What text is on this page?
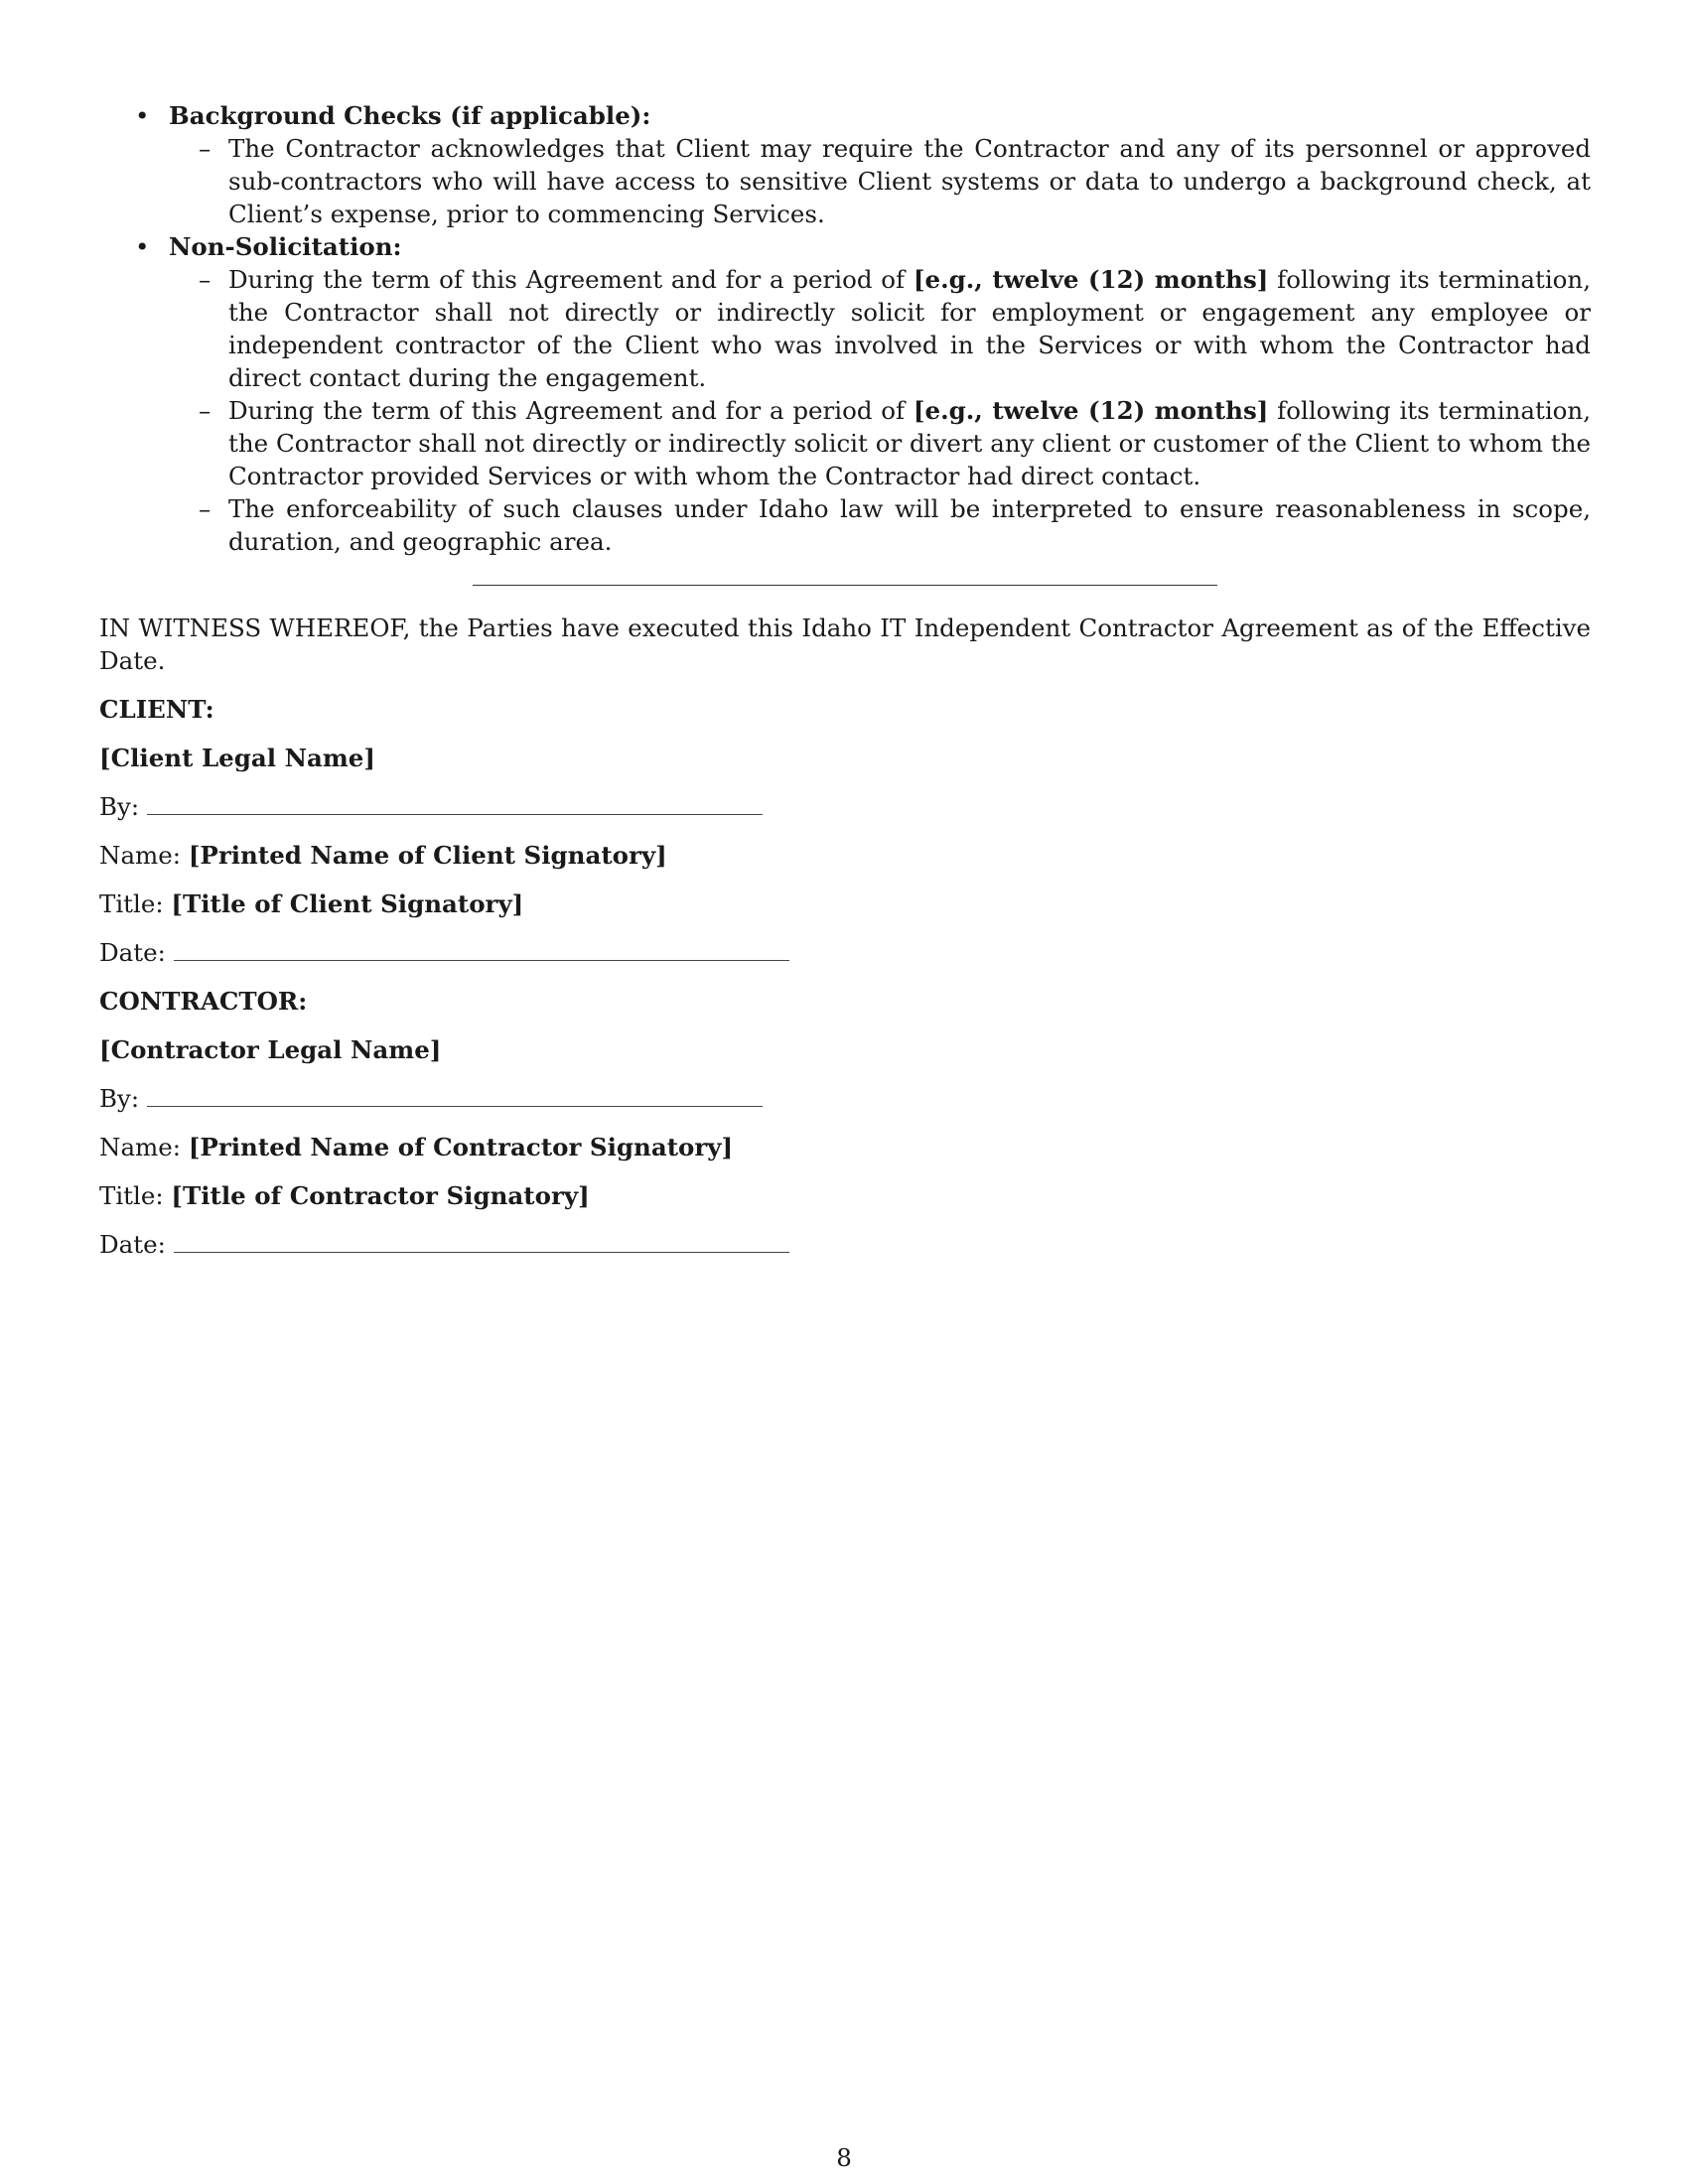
• Background Checks (if applicable):
– The Contractor acknowledges that Client may require the Contractor and any of its personnel or approved sub-contractors who will have access to sensitive Client systems or data to undergo a background check, at Client’s expense, prior to commencing Services.
• Non-Solicitation:
– During the term of this Agreement and for a period of [e.g., twelve (12) months] following its termination, the Contractor shall not directly or indirectly solicit for employment or engagement any employee or independent contractor of the Client who was involved in the Services or with whom the Contractor had direct contact during the engagement.
– During the term of this Agreement and for a period of [e.g., twelve (12) months] following its termination, the Contractor shall not directly or indirectly solicit or divert any client or customer of the Client to whom the Contractor provided Services or with whom the Contractor had direct contact.
– The enforceability of such clauses under Idaho law will be interpreted to ensure reasonableness in scope, duration, and geographic area.

IN WITNESS WHEREOF, the Parties have executed this Idaho IT Independent Contractor Agreement as of the Effective Date.

CLIENT:

[Client Legal Name]

By:

Name: [Printed Name of Client Signatory]

Title: [Title of Client Signatory]

Date:

CONTRACTOR:

[Contractor Legal Name]

By:

Name: [Printed Name of Contractor Signatory]

Title: [Title of Contractor Signatory]

Date:

8
